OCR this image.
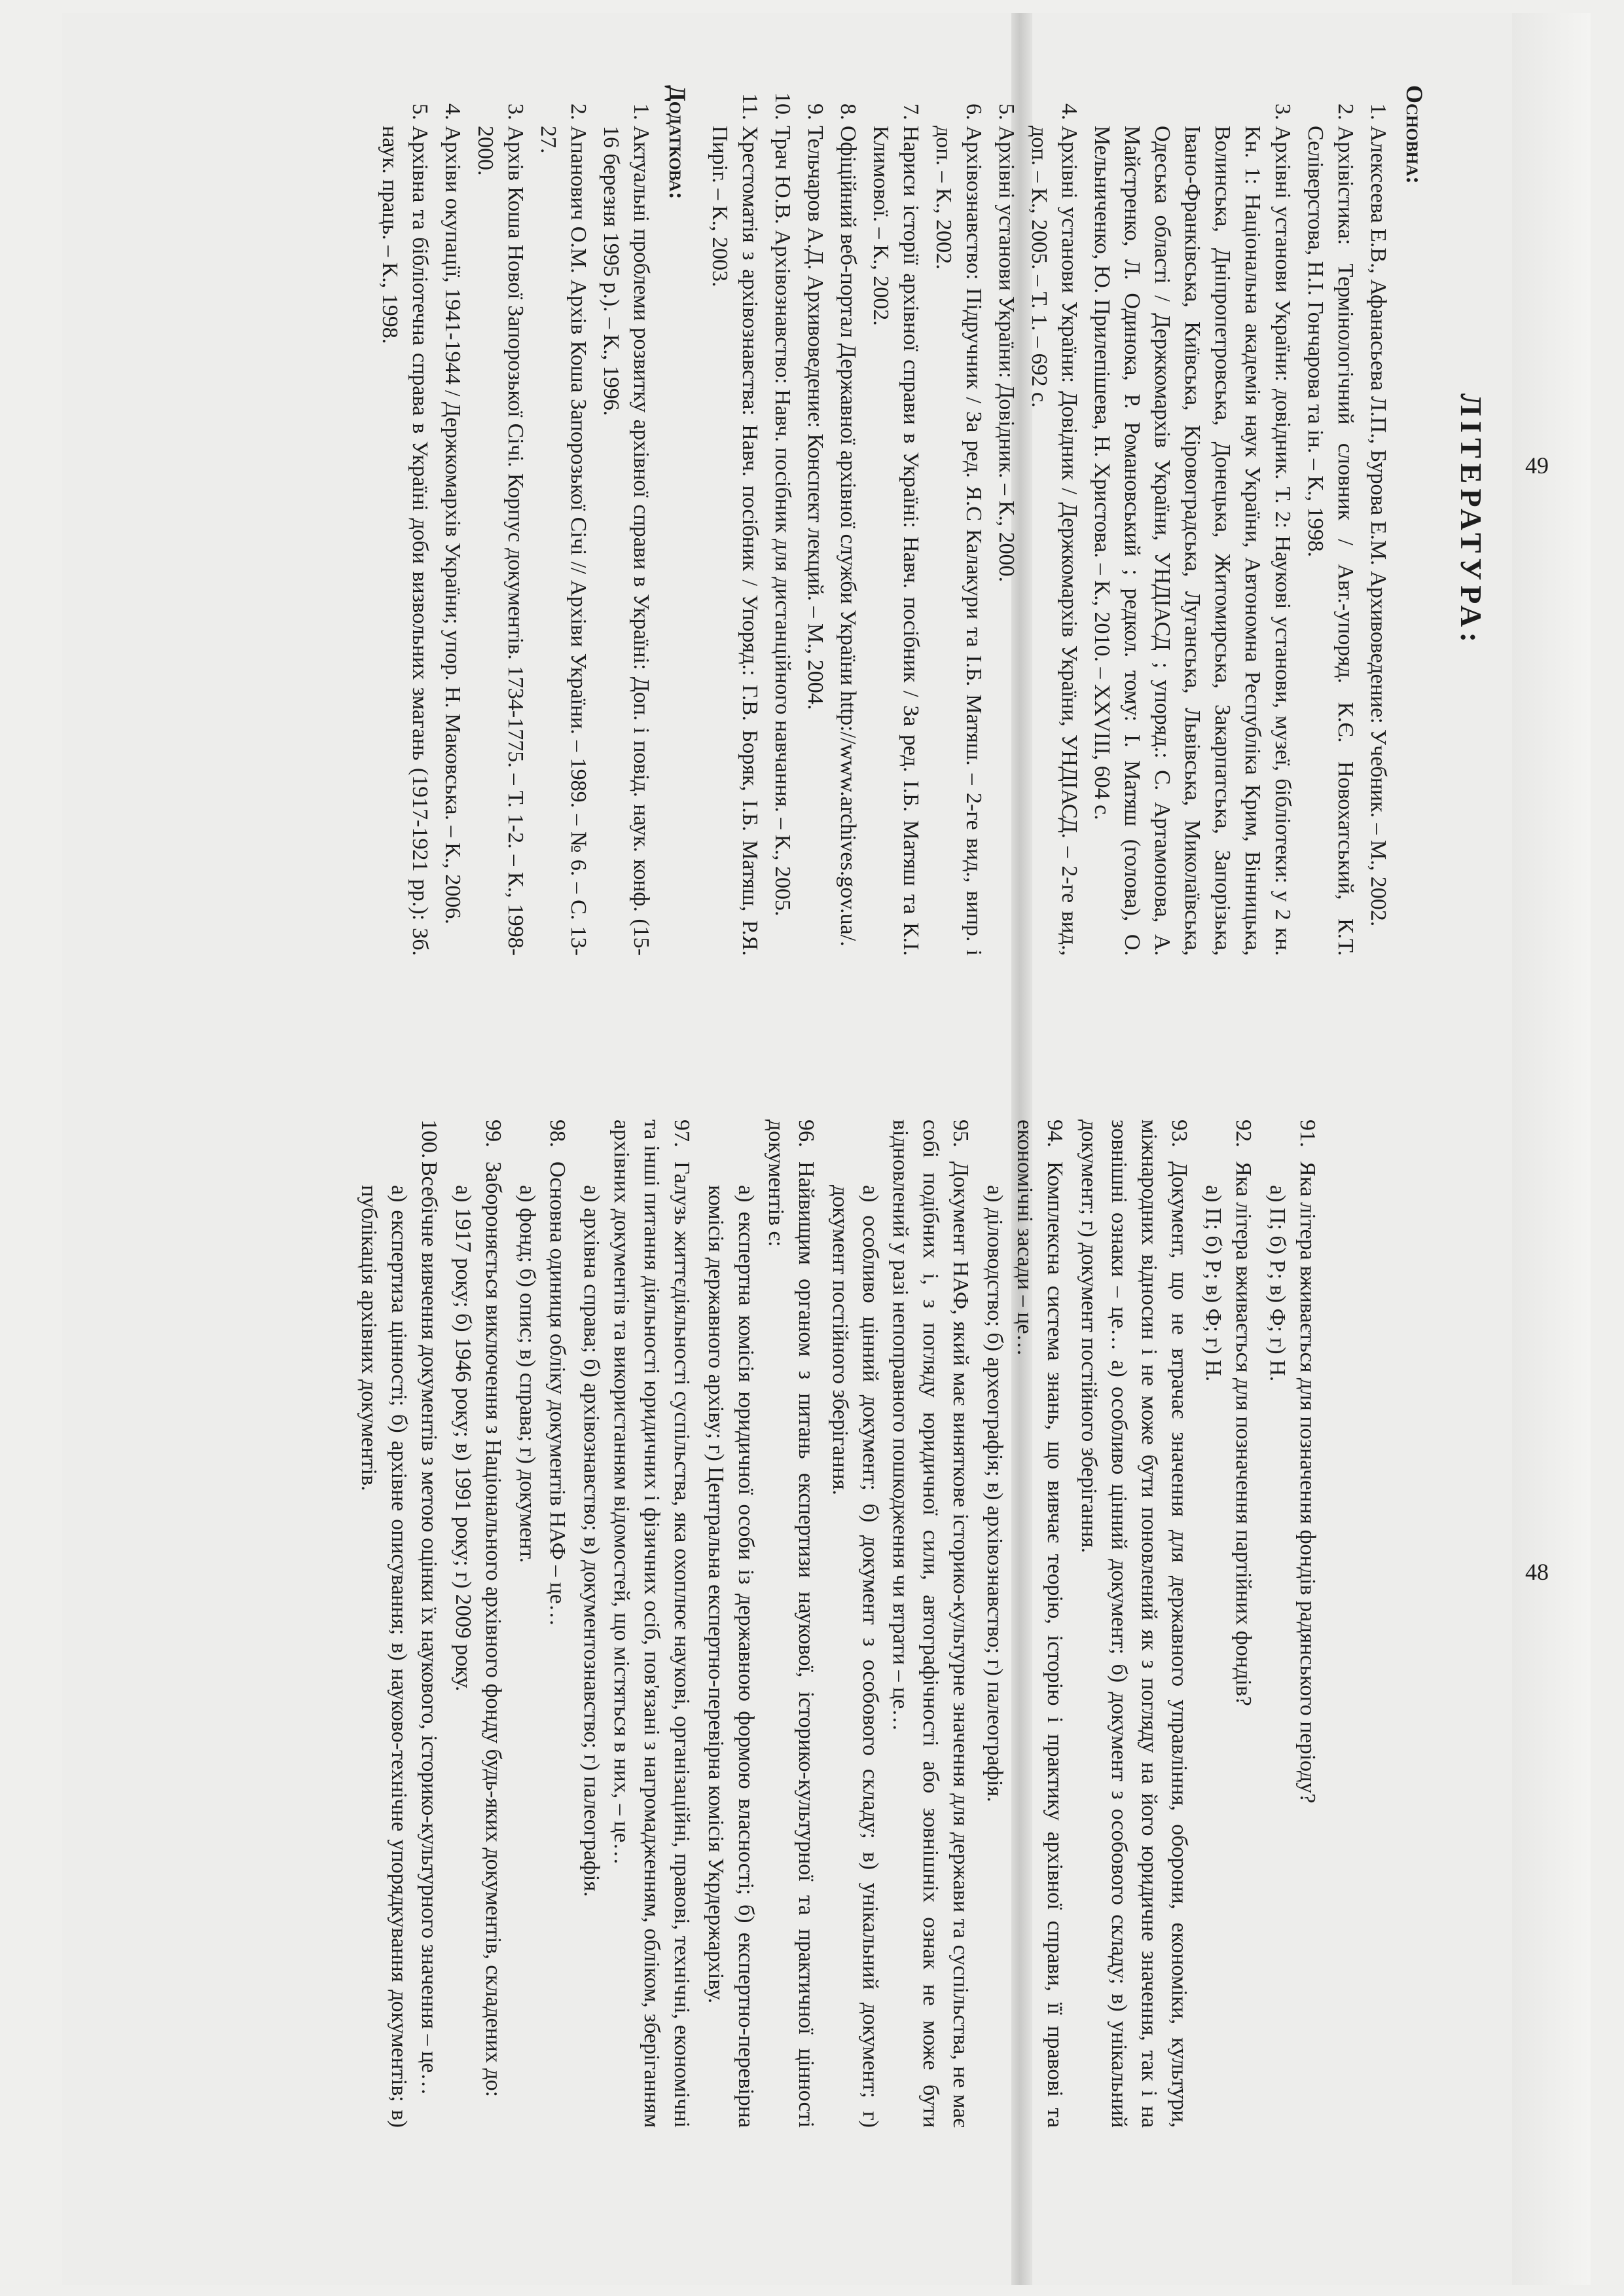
ЛІТЕРАТУРА:
Основна:
1. Алексеева Е.В., Афанасьева Л.П., Бурова Е.М. Архивоведение: Учебник. – М., 2002.
2. Архівістика: Термінологічний словник / Авт.-упоряд. К.Є. Новохатський, К.Т. Селіверстова, Н.І. Гончарова та ін. – К., 1998.
3. Архівні установи України: довідник. Т. 2: Наукові установи, музеї, бібліотеки: у 2 кн. Кн. 1: Національна академія наук України, Автономна Республіка Крим, Вінницька, Волинська, Дніпропетровська, Донецька, Житомирська, Закарпатська, Запорізька, Івано-Франківська, Київська, Кіровоградська, Луганська, Львівська, Миколаївська, Одеська області / Держкомархів України, УНДІАСД ; упоряд.: С. Артамонова, А. Майстренко, Л. Одинока, Р. Романовський ; редкол. тому: І. Матяш (голова), О. Мельниченко, Ю. Прилепішева, Н. Христова. – К., 2010. – XXVIII, 604 с.
4. Архівні установи України: Довідник / Держкомархів України, УНДІАСД. – 2-ге вид., доп. – К., 2005. – Т. 1. – 692 с.
5. Архівні установи України: Довідник. – К., 2000.
6. Архівознавство: Підручник / За ред. Я.С Калакури та І.Б. Матяш. – 2-ге вид., випр. і доп. – К., 2002.
7. Нариси історії архівної справи в Україні: Навч. посібник / За ред. І.Б. Матяш та К.І. Климової. – К., 2002.
8. Офіційний веб-портал Державної архівної служби України http://www.archives.gov.ua/.
9. Тельчаров А.Д. Архивоведение: Конспект лекций. – М., 2004.
10. Трач Ю.В. Архівознавство: Навч. посібник для дистанційного навчання. – К., 2005.
11. Хрестоматія з архівознавства: Навч. посібник / Упоряд.: Г.В. Боряк, І.Б. Матяш, Р.Я. Пиріг. – К., 2003.
Додаткова:
1. Актуальні проблеми розвитку архівної справи в Україні: Доп. і повід. наук. конф. (15-16 березня 1995 р.). – К., 1996.
2. Апанович О.М. Архів Коша Запорозької Січі // Архіви України. – 1989. – № 6. – С. 13-27.
3. Архів Коша Нової Запорозької Січі. Корпус документів. 1734-1775. – Т. 1-2. – К., 1998-2000.
4. Архіви окупації, 1941-1944 / Держкомархів України; упор. Н. Маковська. – К., 2006.
5. Архівна та бібліотечна справа в Україні доби визвольних змагань (1917-1921 рр.): Зб. наук. праць. – К., 1998.
91.Яка літера вживається для позначення фондів радянського періоду?
а) П; б) Р; в) Ф; г) Н.
92.Яка літера вживається для позначення партійних фондів?
а) П; б) Р; в) Ф; г) Н.
93.Документ, що не втрачає значення для державного управління, оборони, економіки, культури, міжнародних відносин і не може бути поновлений як з погляду на його юридичне значення, так і на зовнішні ознаки – це… а) особливо цінний документ; б) документ з особового складу; в) унікальний документ; г) документ постійного зберігання.
94.Комплексна система знань, що вивчає теорію, історію і практику архівної справи, її правові та економічні засади – це…
а) діловодство; б) археографія; в) архівознавство; г) палеографія.
95.Документ НАФ, який має виняткове історико-культурне значення для держави та суспільства, не має собі подібних і, з погляду юридичної сили, автографічності або зовнішніх ознак не може бути відновлений у разі непоправного пошкодження чи втрати – це…
а) особливо цінний документ; б) документ з особового складу; в) унікальний документ; г) документ постійного зберігання.
96.Найвищим органом з питань експертизи наукової, історико-культурної та практичної цінності документів є:
а) експертна комісія юридичної особи із державною формою власності; б) експертно-перевірна комісія державного архіву; г) Центральна експертно-перевірна комісія Укрдержархіву.
97.Галузь життєдіяльності суспільства, яка охоплює наукові, організаційні, правові, технічні, економічні та інші питання діяльності юридичних і фізичних осіб, пов'язані з нагромадженням, обліком, зберіганням архівних документів та використанням відомостей, що містяться в них, – це…
а) архівна справа; б) архівознавство; в) документознавство; г) палеографія.
98.Основна одиниця обліку документів НАФ – це…
а) фонд; б) опис; в) справа; г) документ.
99.Забороняється виключення з Національного архівного фонду будь-яких документів, складених до:
а) 1917 року; б) 1946 року; в) 1991 року; г) 2009 року.
100.Всебічне вивчення документів з метою оцінки їх наукового, історико-культурного значення – це…
а) експертиза цінності; б) архівне описування; в) науково-технічне упорядкування документів; в) публікація архівних документів.
49
48
